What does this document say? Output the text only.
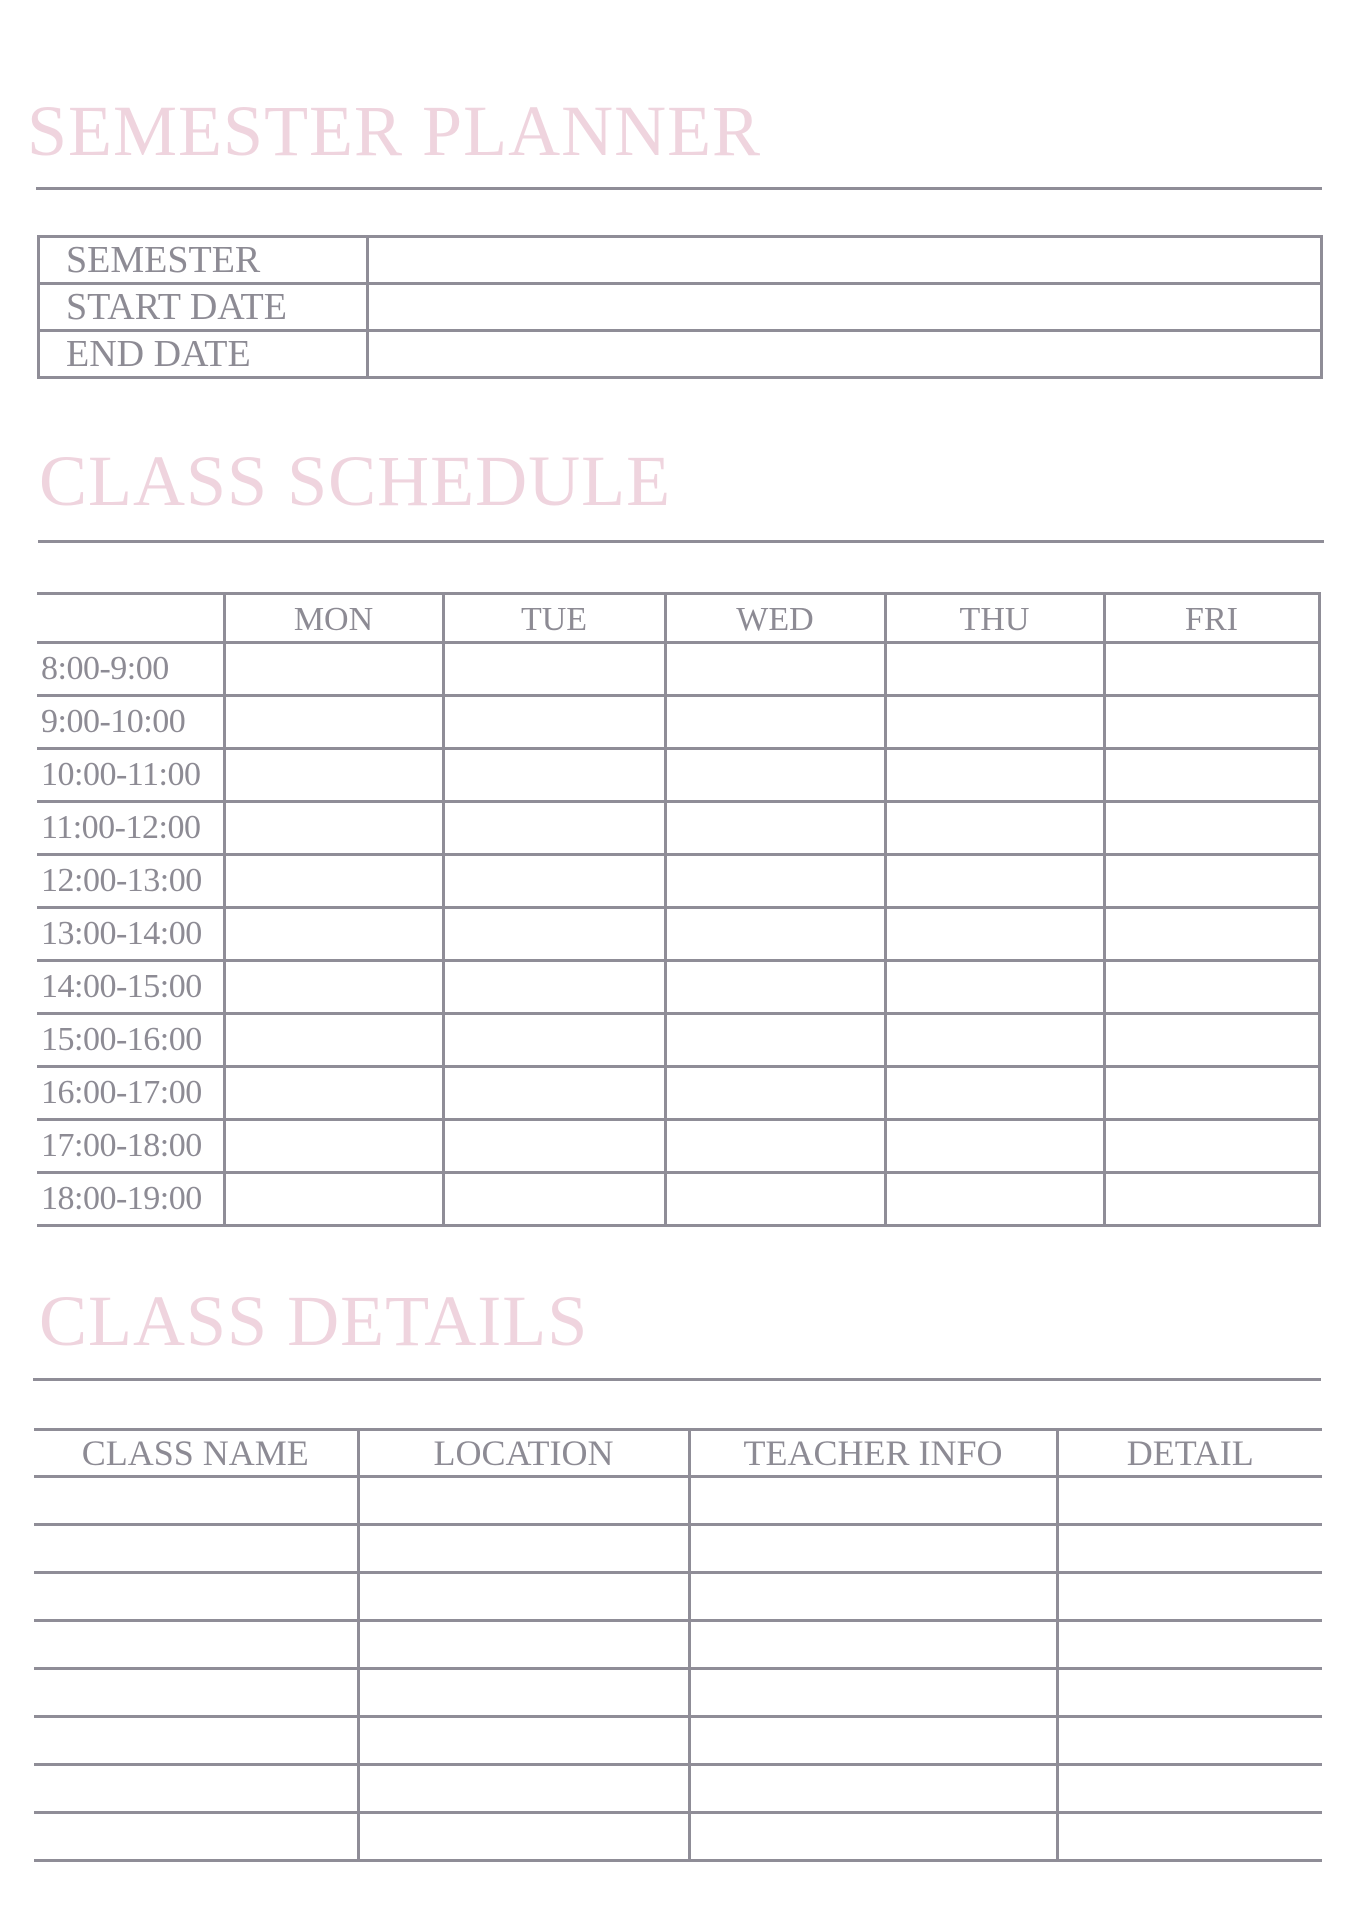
SEMESTER PLANNER
SEMESTER	
START DATE	
END DATE	
CLASS SCHEDULE
	MON	TUE	WED	THU	FRI
8:00-9:00					
9:00-10:00					
10:00-11:00					
11:00-12:00					
12:00-13:00					
13:00-14:00					
14:00-15:00					
15:00-16:00					
16:00-17:00					
17:00-18:00					
18:00-19:00					
CLASS DETAILS
CLASS NAME	LOCATION	TEACHER INFO	DETAIL
